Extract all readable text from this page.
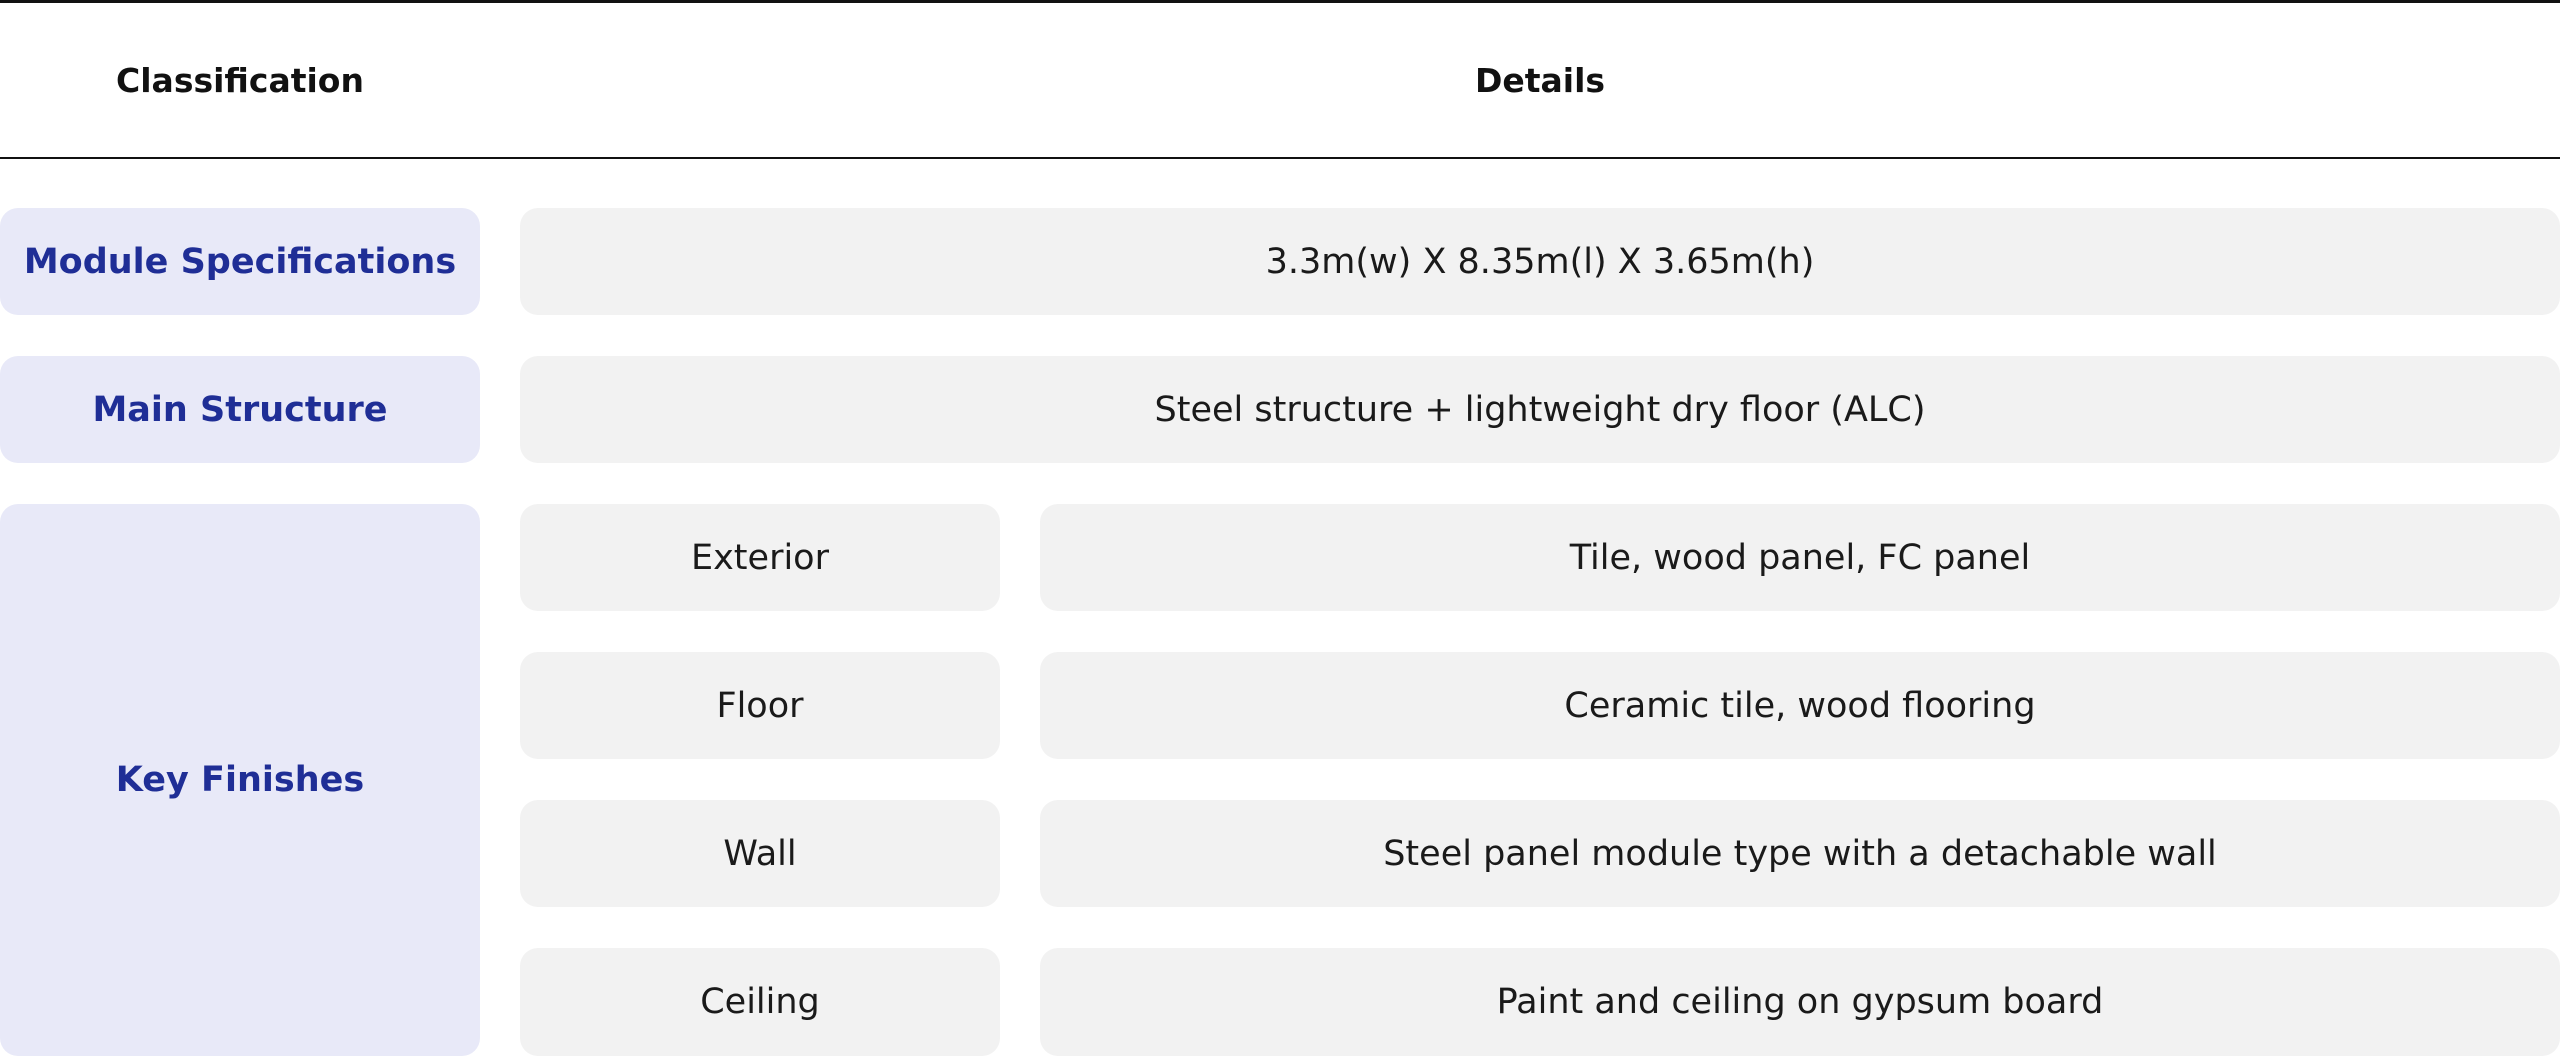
Classification	Details
Module Specifications	3.3m(w) X 8.35m(l) X 3.65m(h)
Main Structure	Steel structure + lightweight dry floor (ALC)
Key Finishes
Exterior	Tile, wood panel, FC panel
Floor	Ceramic tile, wood flooring
Wall	Steel panel module type with a detachable wall
Ceiling	Paint and ceiling on gypsum board
